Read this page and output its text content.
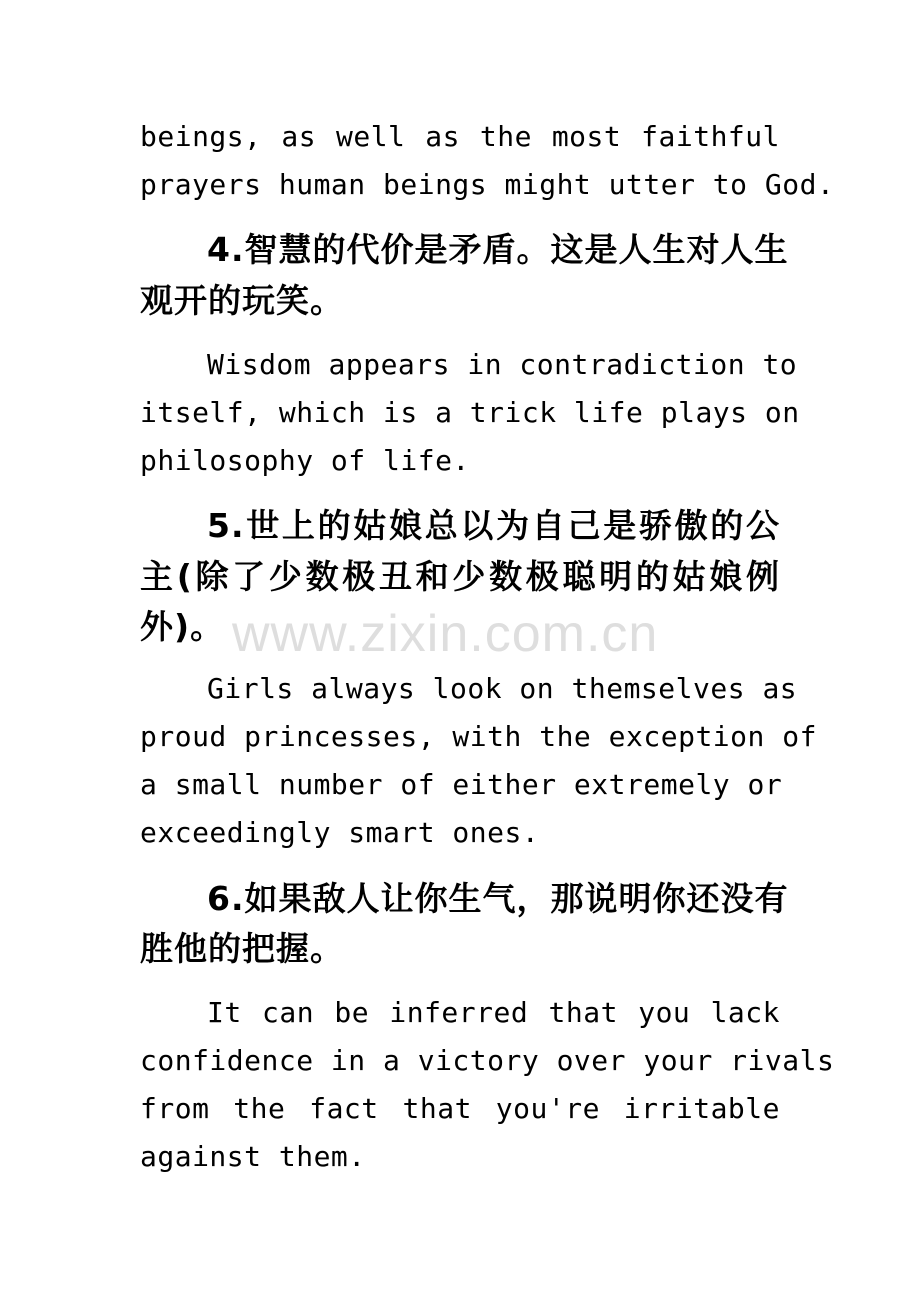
www.zixin.com.cn
beings, as well as the most faithful
prayers human beings might utter to God.
4.智慧的代价是矛盾。这是人生对人生
观开的玩笑。
Wisdom appears in contradiction to
itself, which is a trick life plays on
philosophy of life.
5.世上的姑娘总以为自己是骄傲的公
主(除了少数极丑和少数极聪明的姑娘例
外)。
Girls always look on themselves as
proud princesses, with the exception of
a small number of either extremely or
exceedingly smart ones.
6.如果敌人让你生气，那说明你还没有
胜他的把握。
It can be inferred that you lack
confidence in a victory over your rivals
from the fact that you're irritable
against them.
